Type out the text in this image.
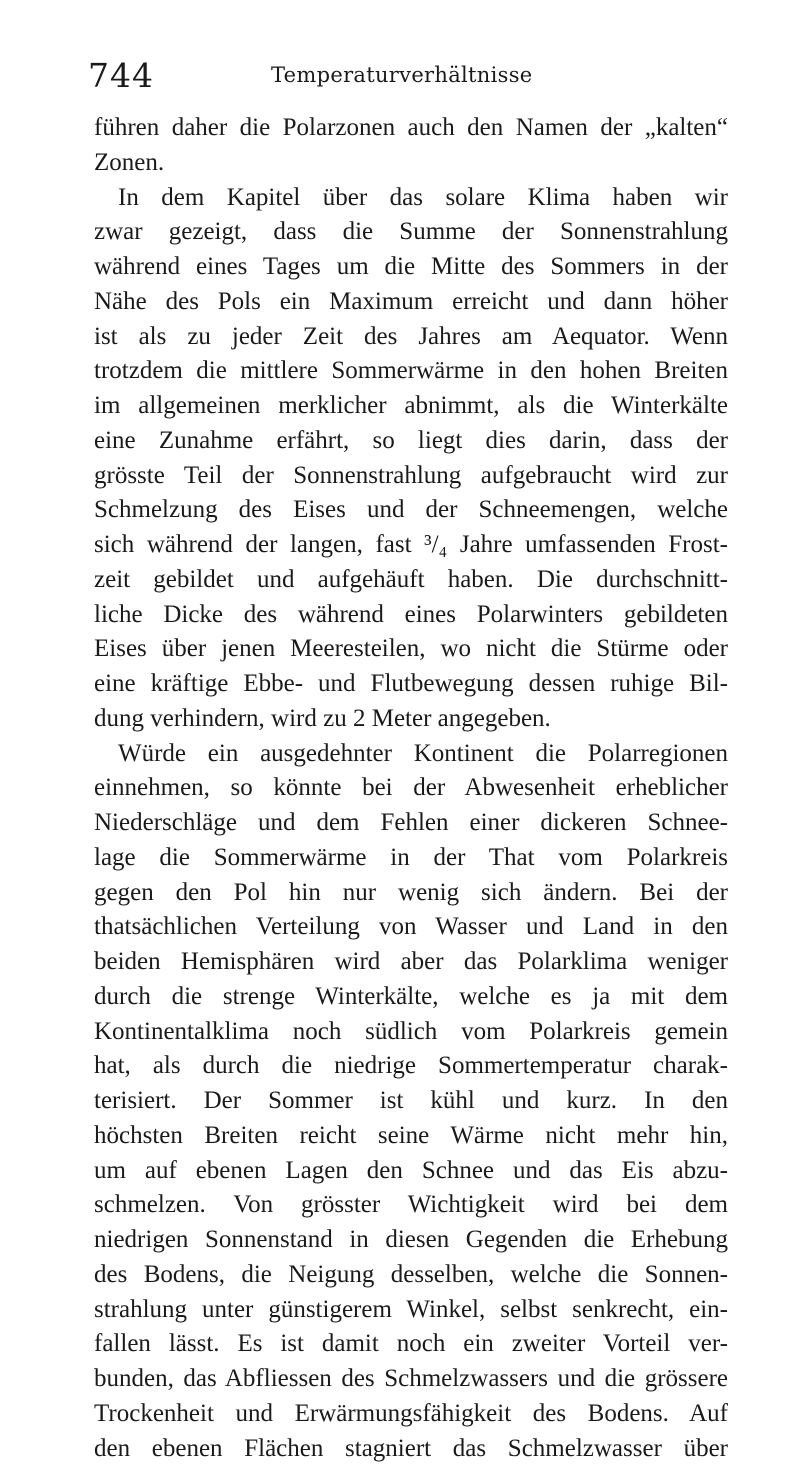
744	Temperaturverhältnisse
führen daher die Polarzonen auch den Namen der „kalten“
Zonen.
In dem Kapitel über das solare Klima haben wir
zwar gezeigt, dass die Summe der Sonnenstrahlung
während eines Tages um die Mitte des Sommers in der
Nähe des Pols ein Maximum erreicht und dann höher
ist als zu jeder Zeit des Jahres am Aequator. Wenn
trotzdem die mittlere Sommerwärme in den hohen Breiten
im allgemeinen merklicher abnimmt, als die Winterkälte
eine Zunahme erfährt, so liegt dies darin, dass der
grösste Teil der Sonnenstrahlung aufgebraucht wird zur
Schmelzung des Eises und der Schneemengen, welche
sich während der langen, fast ³/₄ Jahre umfassenden Frost-
zeit gebildet und aufgehäuft haben. Die durchschnitt-
liche Dicke des während eines Polarwinters gebildeten
Eises über jenen Meeresteilen, wo nicht die Stürme oder
eine kräftige Ebbe- und Flutbewegung dessen ruhige Bil-
dung verhindern, wird zu 2 Meter angegeben.
Würde ein ausgedehnter Kontinent die Polarregionen
einnehmen, so könnte bei der Abwesenheit erheblicher
Niederschläge und dem Fehlen einer dickeren Schnee-
lage die Sommerwärme in der That vom Polarkreis
gegen den Pol hin nur wenig sich ändern. Bei der
thatsächlichen Verteilung von Wasser und Land in den
beiden Hemisphären wird aber das Polarklima weniger
durch die strenge Winterkälte, welche es ja mit dem
Kontinentalklima noch südlich vom Polarkreis gemein
hat, als durch die niedrige Sommertemperatur charak-
terisiert. Der Sommer ist kühl und kurz. In den
höchsten Breiten reicht seine Wärme nicht mehr hin,
um auf ebenen Lagen den Schnee und das Eis abzu-
schmelzen. Von grösster Wichtigkeit wird bei dem
niedrigen Sonnenstand in diesen Gegenden die Erhebung
des Bodens, die Neigung desselben, welche die Sonnen-
strahlung unter günstigerem Winkel, selbst senkrecht, ein-
fallen lässt. Es ist damit noch ein zweiter Vorteil ver-
bunden, das Abfliessen des Schmelzwassers und die grössere
Trockenheit und Erwärmungsfähigkeit des Bodens. Auf
den ebenen Flächen stagniert das Schmelzwasser über
